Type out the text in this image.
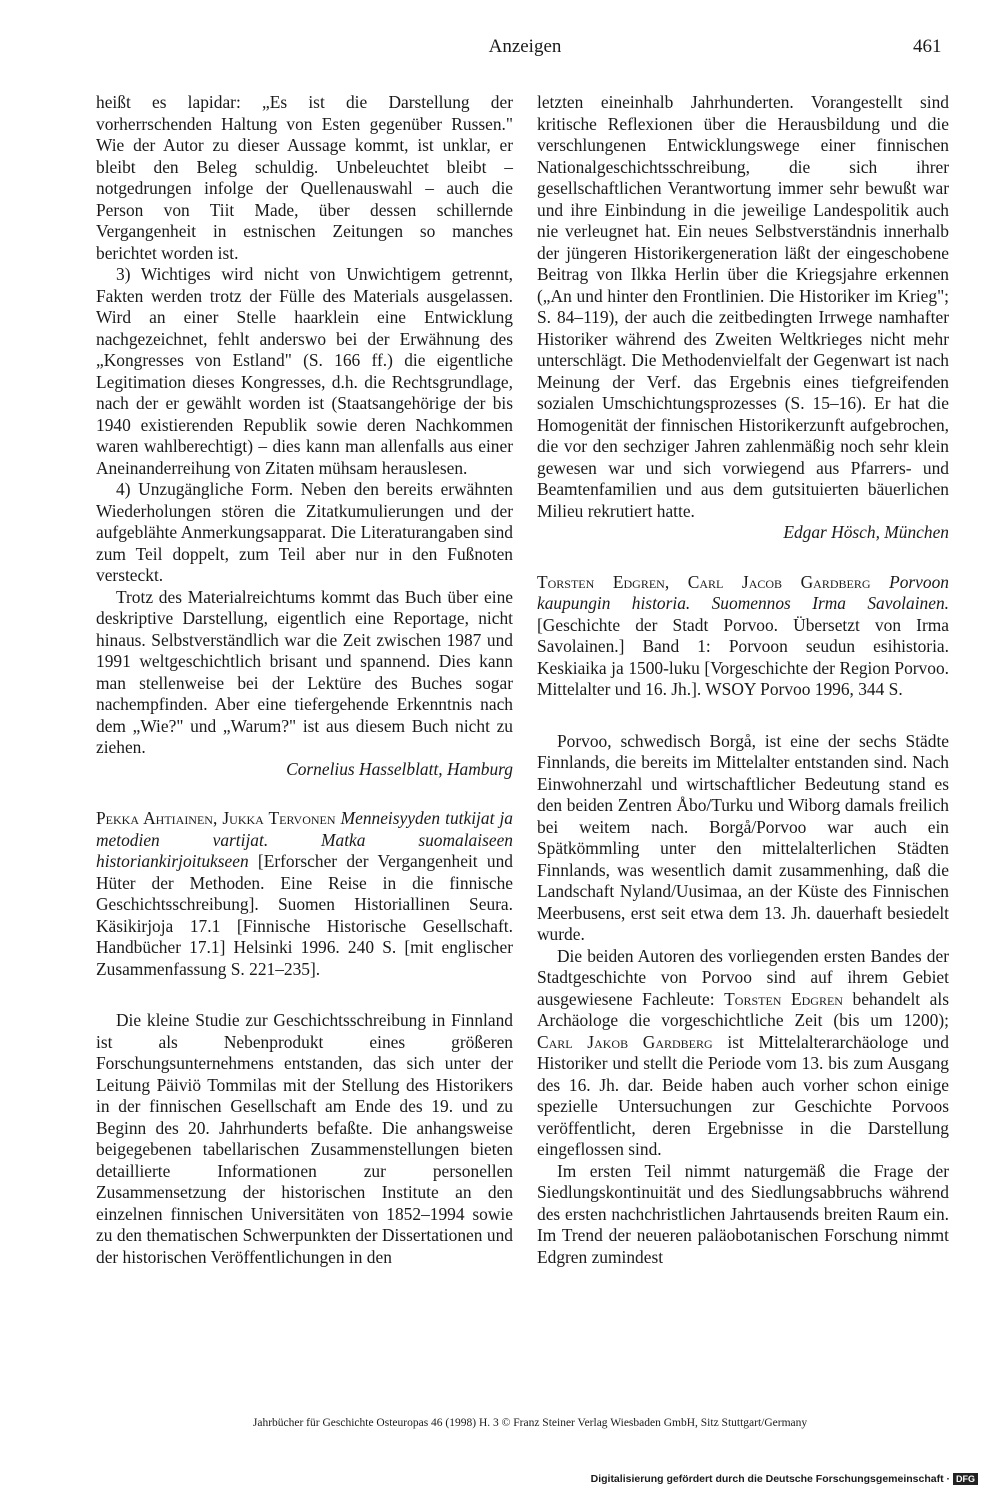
Anzeigen	461

heißt es lapidar: „Es ist die Darstellung der vorherrschenden Haltung von Esten gegenüber Russen." Wie der Autor zu dieser Aussage kommt, ist unklar, er bleibt den Beleg schuldig. Unbeleuchtet bleibt – notgedrungen infolge der Quellenauswahl – auch die Person von Tiit Made, über dessen schillernde Vergangenheit in estnischen Zeitungen so manches berichtet worden ist.

3) Wichtiges wird nicht von Unwichtigem getrennt, Fakten werden trotz der Fülle des Materials ausgelassen. Wird an einer Stelle haarklein eine Entwicklung nachgezeichnet, fehlt anderswo bei der Erwähnung des „Kongresses von Estland" (S. 166 ff.) die eigentliche Legitimation dieses Kongresses, d.h. die Rechtsgrundlage, nach der er gewählt worden ist (Staatsangehörige der bis 1940 existierenden Republik sowie deren Nachkommen waren wahlberechtigt) – dies kann man allenfalls aus einer Aneinanderreihung von Zitaten mühsam herauslesen.

4) Unzugängliche Form. Neben den bereits erwähnten Wiederholungen stören die Zitatkumulierungen und der aufgeblähte Anmerkungsapparat. Die Literaturangaben sind zum Teil doppelt, zum Teil aber nur in den Fußnoten versteckt.

Trotz des Materialreichtums kommt das Buch über eine deskriptive Darstellung, eigentlich eine Reportage, nicht hinaus. Selbstverständlich war die Zeit zwischen 1987 und 1991 weltgeschichtlich brisant und spannend. Dies kann man stellenweise bei der Lektüre des Buches sogar nachempfinden. Aber eine tiefergehende Erkenntnis nach dem „Wie?" und „Warum?" ist aus diesem Buch nicht zu ziehen.

Cornelius Hasselblatt, Hamburg

Pekka Ahtiainen, Jukka Tervonen Menneisyyden tutkijat ja metodien vartijat. Matka suomalaiseen historiankirjoitukseen [Erforscher der Vergangenheit und Hüter der Methoden. Eine Reise in die finnische Geschichtsschreibung]. Suomen Historiallinen Seura. Käsikirjoja 17.1 [Finnische Historische Gesellschaft. Handbücher 17.1] Helsinki 1996. 240 S. [mit englischer Zusammenfassung S. 221–235].

Die kleine Studie zur Geschichtsschreibung in Finnland ist als Nebenprodukt eines größeren Forschungsunternehmens entstanden, das sich unter der Leitung Päiviö Tommilas mit der Stellung des Historikers in der finnischen Gesellschaft am Ende des 19. und zu Beginn des 20. Jahrhunderts befaßte. Die anhangsweise beigegebenen tabellarischen Zusammenstellungen bieten detaillierte Informationen zur personellen Zusammensetzung der historischen Institute an den einzelnen finnischen Universitäten von 1852–1994 sowie zu den thematischen Schwerpunkten der Dissertationen und der historischen Veröffentlichungen in den

letzten eineinhalb Jahrhunderten. Vorangestellt sind kritische Reflexionen über die Herausbildung und die verschlungenen Entwicklungswege einer finnischen Nationalgeschichtsschreibung, die sich ihrer gesellschaftlichen Verantwortung immer sehr bewußt war und ihre Einbindung in die jeweilige Landespolitik auch nie verleugnet hat. Ein neues Selbstverständnis innerhalb der jüngeren Historikergeneration läßt der eingeschobene Beitrag von Ilkka Herlin über die Kriegsjahre erkennen („An und hinter den Frontlinien. Die Historiker im Krieg"; S. 84–119), der auch die zeitbedingten Irrwege namhafter Historiker während des Zweiten Weltkrieges nicht mehr unterschlägt. Die Methodenvielfalt der Gegenwart ist nach Meinung der Verf. das Ergebnis eines tiefgreifenden sozialen Umschichtungsprozesses (S. 15–16). Er hat die Homogenität der finnischen Historikerzunft aufgebrochen, die vor den sechziger Jahren zahlenmäßig noch sehr klein gewesen war und sich vorwiegend aus Pfarrers- und Beamtenfamilien und aus dem gutsituierten bäuerlichen Milieu rekrutiert hatte.

Edgar Hösch, München

Torsten Edgren, Carl Jacob Gardberg Porvoon kaupungin historia. Suomennos Irma Savolainen. [Geschichte der Stadt Porvoo. Übersetzt von Irma Savolainen.] Band 1: Porvoon seudun esihistoria. Keskiaika ja 1500-luku [Vorgeschichte der Region Porvoo. Mittelalter und 16. Jh.]. WSOY Porvoo 1996, 344 S.

Porvoo, schwedisch Borgå, ist eine der sechs Städte Finnlands, die bereits im Mittelalter entstanden sind. Nach Einwohnerzahl und wirtschaftlicher Bedeutung stand es den beiden Zentren Åbo/Turku und Wiborg damals freilich bei weitem nach. Borgå/Porvoo war auch ein Spätkömmling unter den mittelalterlichen Städten Finnlands, was wesentlich damit zusammenhing, daß die Landschaft Nyland/Uusimaa, an der Küste des Finnischen Meerbusens, erst seit etwa dem 13. Jh. dauerhaft besiedelt wurde.

Die beiden Autoren des vorliegenden ersten Bandes der Stadtgeschichte von Porvoo sind auf ihrem Gebiet ausgewiesene Fachleute: Torsten Edgren behandelt als Archäologe die vorgeschichtliche Zeit (bis um 1200); Carl Jakob Gardberg ist Mittelalterarchäologe und Historiker und stellt die Periode vom 13. bis zum Ausgang des 16. Jh. dar. Beide haben auch vorher schon einige spezielle Untersuchungen zur Geschichte Porvoos veröffentlicht, deren Ergebnisse in die Darstellung eingeflossen sind.

Im ersten Teil nimmt naturgemäß die Frage der Siedlungskontinuität und des Siedlungsabbruchs während des ersten nachchristlichen Jahrtausends breiten Raum ein. Im Trend der neueren paläobotanischen Forschung nimmt Edgren zumindest

Jahrbücher für Geschichte Osteuropas 46 (1998) H. 3 © Franz Steiner Verlag Wiesbaden GmbH, Sitz Stuttgart/Germany
Digitalisierung gefördert durch die Deutsche Forschungsgemeinschaft · DFG
